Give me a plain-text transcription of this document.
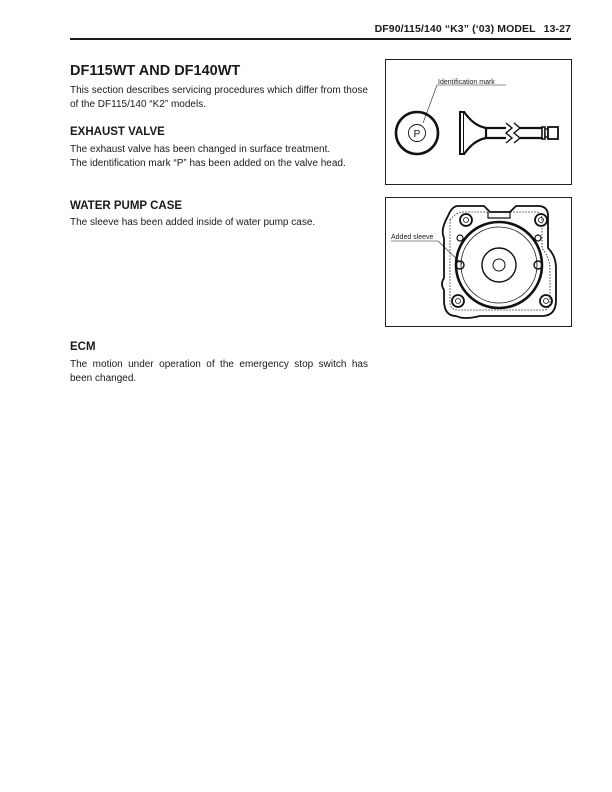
DF90/115/140 “K3” (‘03) MODEL 13-27
DF115WT AND DF140WT

This section describes servicing procedures which differ from those of the DF115/140 “K2” models.

EXHAUST VALVE

The exhaust valve has been changed in surface treatment.

The identification mark “P” has been added on the valve head.

WATER PUMP CASE

The sleeve has been added inside of water pump case.

ECM

The motion under operation of the emergency stop switch has been changed.

Identification mark
P
Added sleeve
